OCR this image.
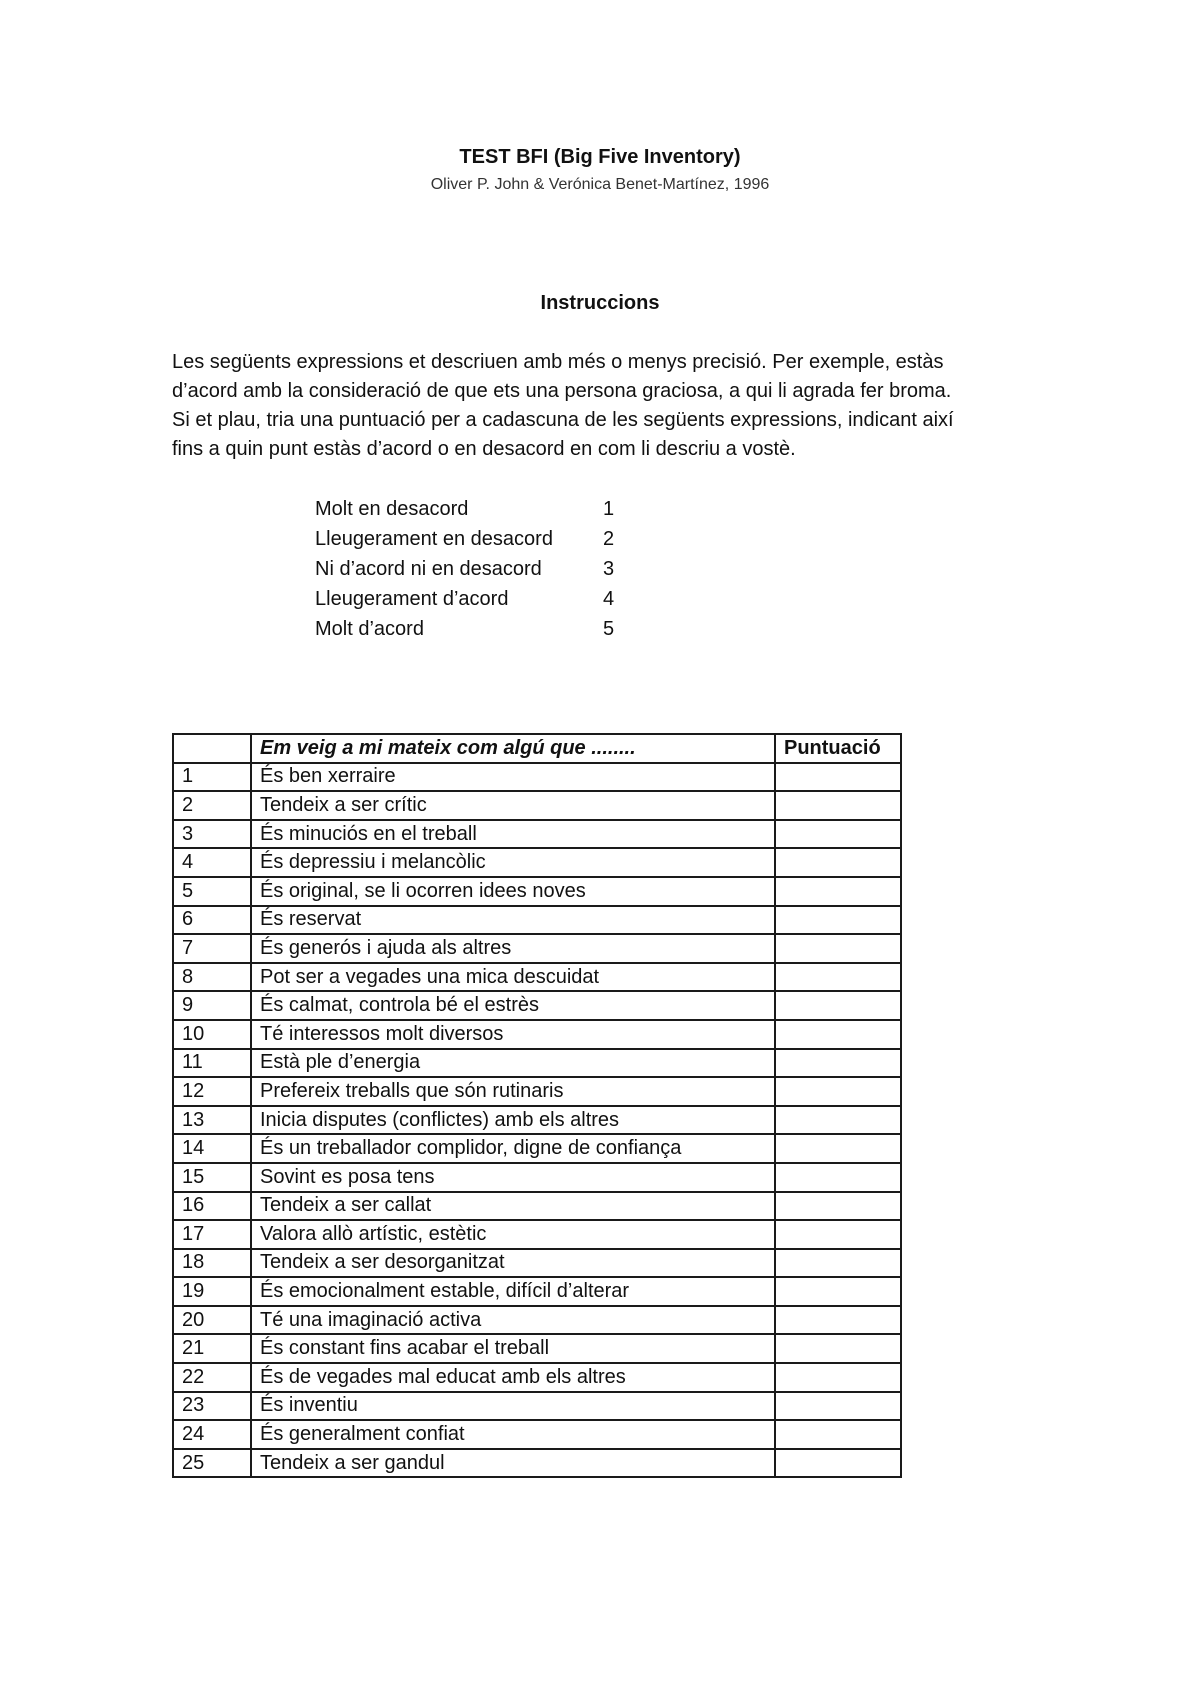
TEST BFI (Big Five Inventory)
Oliver P. John & Verónica Benet-Martínez, 1996
Instruccions

Les següents expressions et descriuen amb més o menys precisió. Per exemple, estàs
d’acord amb la consideració de que ets una persona graciosa, a qui li agrada fer broma.
Si et plau, tria una puntuació per a cadascuna de les següents expressions, indicant així
fins a quin punt estàs d’acord o en desacord en com li descriu a vostè.

Molt en desacord	1
Lleugerament en desacord	2
Ni d’acord ni en desacord	3
Lleugerament d’acord	4
Molt d’acord	5
	Em veig a mi mateix com algú que ........	Puntuació
1	És ben xerraire	
2	Tendeix a ser crític	
3	És minuciós en el treball	
4	És depressiu i melancòlic	
5	És original, se li ocorren idees noves	
6	És reservat	
7	És generós i ajuda als altres	
8	Pot ser a vegades una mica descuidat	
9	És calmat, controla bé el estrès	
10	Té interessos molt diversos	
11	Està ple d’energia	
12	Prefereix treballs que són rutinaris	
13	Inicia disputes (conflictes) amb els altres	
14	És un treballador complidor, digne de confiança	
15	Sovint es posa tens	
16	Tendeix a ser callat	
17	Valora allò artístic, estètic	
18	Tendeix a ser desorganitzat	
19	És emocionalment estable, difícil d’alterar	
20	Té una imaginació activa	
21	És constant fins acabar el treball	
22	És de vegades mal educat amb els altres	
23	És inventiu	
24	És generalment confiat	
25	Tendeix a ser gandul	
